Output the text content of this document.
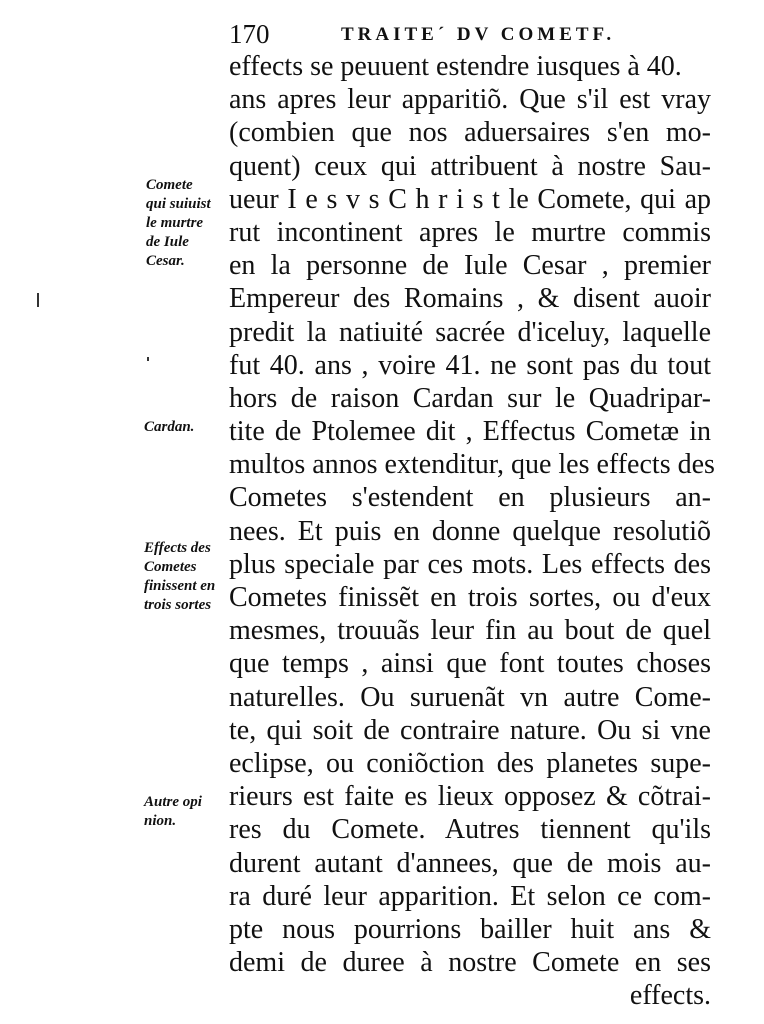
170	TRAITE´ DV COMETF.
effects se peuuent estendre iusques à 40.
ans apres leur apparitiõ. Que s'il est vray
(combien que nos aduersaires s'en mo-
quent) ceux qui attribuent à nostre Sau-
ueur I e s v s C h r i s t le Comete, qui ap
rut incontinent apres le murtre commis
en la personne de Iule Cesar , premier
Empereur des Romains , & disent auoir
predit la natiuité sacrée d'iceluy, laquelle
fut 40. ans , voire 41. ne sont pas du tout
hors de raison Cardan sur le Quadripar-
tite de Ptolemee dit , Effectus Cometæ in
multos annos extenditur, que les effects des
Cometes s'estendent en plusieurs an-
nees. Et puis en donne quelque resolutiõ
plus speciale par ces mots. Les effects des
Cometes finissẽt en trois sortes, ou d'eux
mesmes, trouuãs leur fin au bout de quel
que temps , ainsi que font toutes choses
naturelles. Ou suruenãt vn autre Come-
te, qui soit de contraire nature. Ou si vne
eclipse, ou coniõction des planetes supe-
rieurs est faite es lieux opposez & cõtrai-
res du Comete. Autres tiennent qu'ils
durent autant d'annees, que de mois au-
ra duré leur apparition. Et selon ce com-
pte nous pourrions bailler huit ans &
demi de duree à nostre Comete en ses
effects.
Comete
qui suiuist
le murtre
de Iule
Cesar.
Cardan.
Effects des
Cometes
finissent en
trois sortes
Autre opi
nion.
